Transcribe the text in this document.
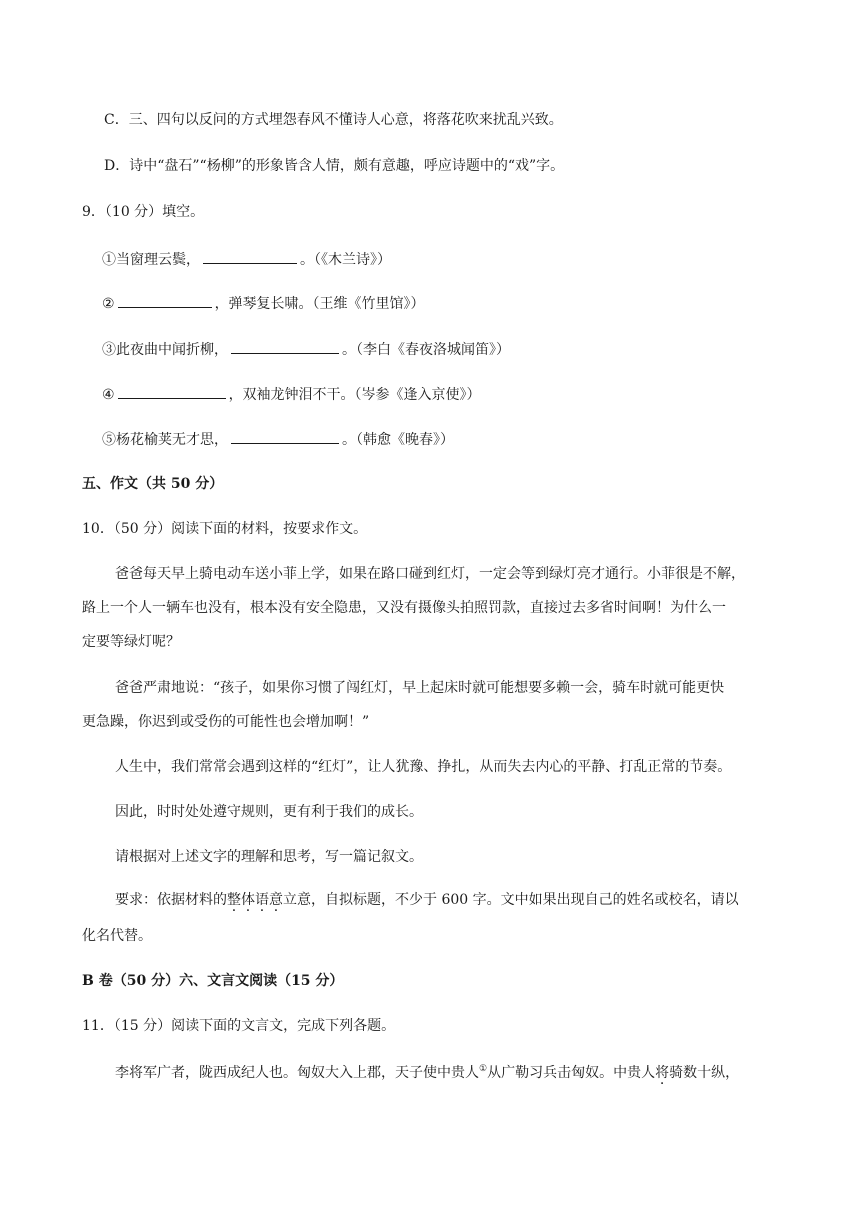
C．三、四句以反问的方式埋怨春风不懂诗人心意，将落花吹来扰乱兴致。
D．诗中“盘石”“杨柳”的形象皆含人情，颇有意趣，呼应诗题中的“戏”字。
9．（10 分）填空。
①当窗理云鬓，	。（《木兰诗》）
②	，弹琴复长啸。（王维《竹里馆》）
③此夜曲中闻折柳，	。（李白《春夜洛城闻笛》）
④	，双袖龙钟泪不干。（岑参《逢入京使》）
⑤杨花榆荚无才思，	。（韩愈《晚春》）
五、作文（共 50 分）
10．（50 分）阅读下面的材料，按要求作文。
爸爸每天早上骑电动车送小菲上学，如果在路口碰到红灯，一定会等到绿灯亮才通行。小菲很是不解，
路上一个人一辆车也没有，根本没有安全隐患，又没有摄像头拍照罚款，直接过去多省时间啊！为什么一
定要等绿灯呢？
爸爸严肃地说：“孩子，如果你习惯了闯红灯，早上起床时就可能想要多赖一会，骑车时就可能更快
更急躁，你迟到或受伤的可能性也会增加啊！”
人生中，我们常常会遇到这样的“红灯”，让人犹豫、挣扎，从而失去内心的平静、打乱正常的节奏。
因此，时时处处遵守规则，更有利于我们的成长。
请根据对上述文字的理解和思考，写一篇记叙文。
要求：依据材料的整体语意立意，自拟标题，不少于 600 字。文中如果出现自己的姓名或校名，请以
化名代替。
B 卷（50 分）六、文言文阅读（15 分）
11．（15 分）阅读下面的文言文，完成下列各题。
李将军广者，陇西成纪人也。匈奴大入上郡，天子使中贵人①从广勒习兵击匈奴。中贵人将骑数十纵，
